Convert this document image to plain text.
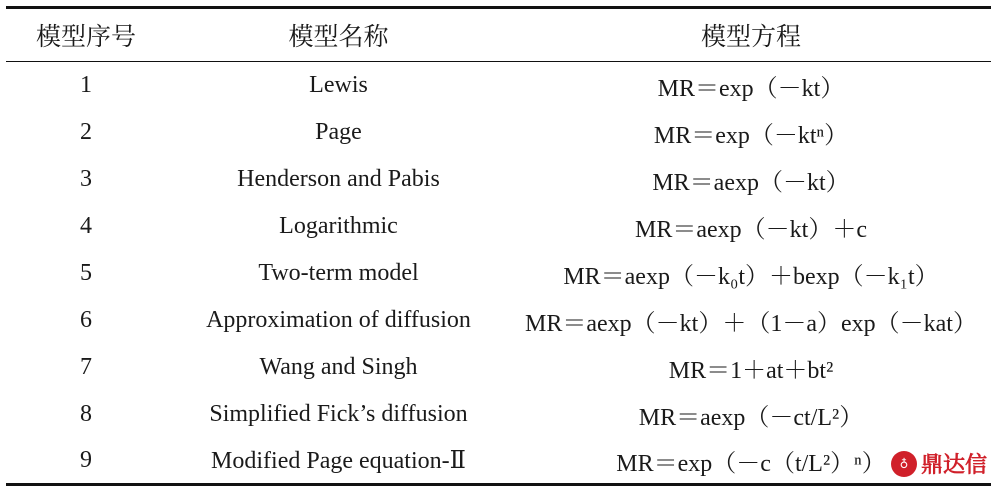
模型序号	模型名称	模型方程
1	Lewis	MR＝exp（－kt）
2	Page	MR＝exp（－ktⁿ）
3	Henderson and Pabis	MR＝aexp（－kt）
4	Logarithmic	MR＝aexp（－kt）＋c
5	Two-term model	MR＝aexp（－k₀t）＋bexp（－k₁t）
6	Approximation of diffusion	MR＝aexp（－kt）＋（1－a）exp（－kat）
7	Wang and Singh	MR＝1＋at＋bt²
8	Simplified Fick’s diffusion	MR＝aexp（－ct/L²）
9	Modified Page equation-Ⅱ	MR＝exp（－c（t/L²）ⁿ）	♁ 鼎达信
